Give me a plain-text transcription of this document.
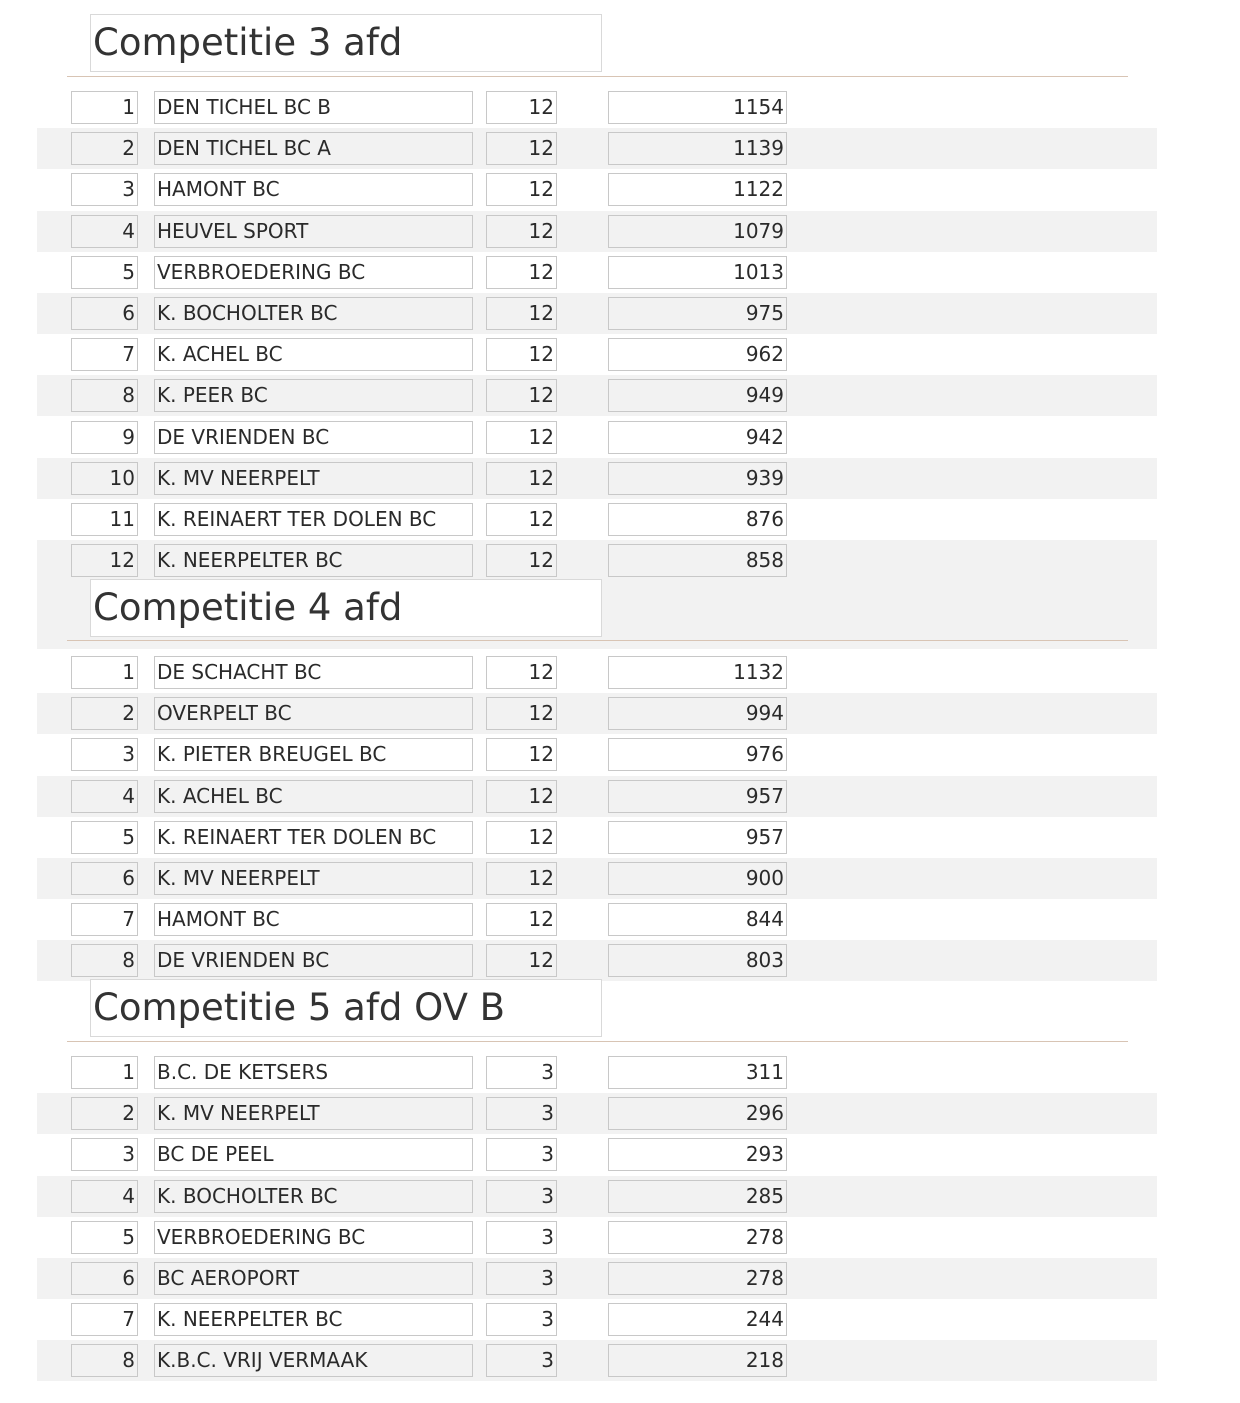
Competitie 3 afd
1 DEN TICHEL BC B	12	1154
2 DEN TICHEL BC A	12	1139
3 HAMONT BC	12	1122
4 HEUVEL SPORT	12	1079
5 VERBROEDERING BC	12	1013
6 K. BOCHOLTER BC	12	975
7 K. ACHEL BC	12	962
8 K. PEER BC	12	949
9 DE VRIENDEN BC	12	942
10 K. MV NEERPELT	12	939
11 K. REINAERT TER DOLEN BC	12	876
12 K. NEERPELTER BC	12	858
Competitie 4 afd
1 DE SCHACHT BC	12	1132
2 OVERPELT BC	12	994
3 K. PIETER BREUGEL BC	12	976
4 K. ACHEL BC	12	957
5 K. REINAERT TER DOLEN BC	12	957
6 K. MV NEERPELT	12	900
7 HAMONT BC	12	844
8 DE VRIENDEN BC	12	803
Competitie 5 afd OV B
1 B.C. DE KETSERS	3	311
2 K. MV NEERPELT	3	296
3 BC DE PEEL	3	293
4 K. BOCHOLTER BC	3	285
5 VERBROEDERING BC	3	278
6 BC AEROPORT	3	278
7 K. NEERPELTER BC	3	244
8 K.B.C. VRIJ VERMAAK	3	218
